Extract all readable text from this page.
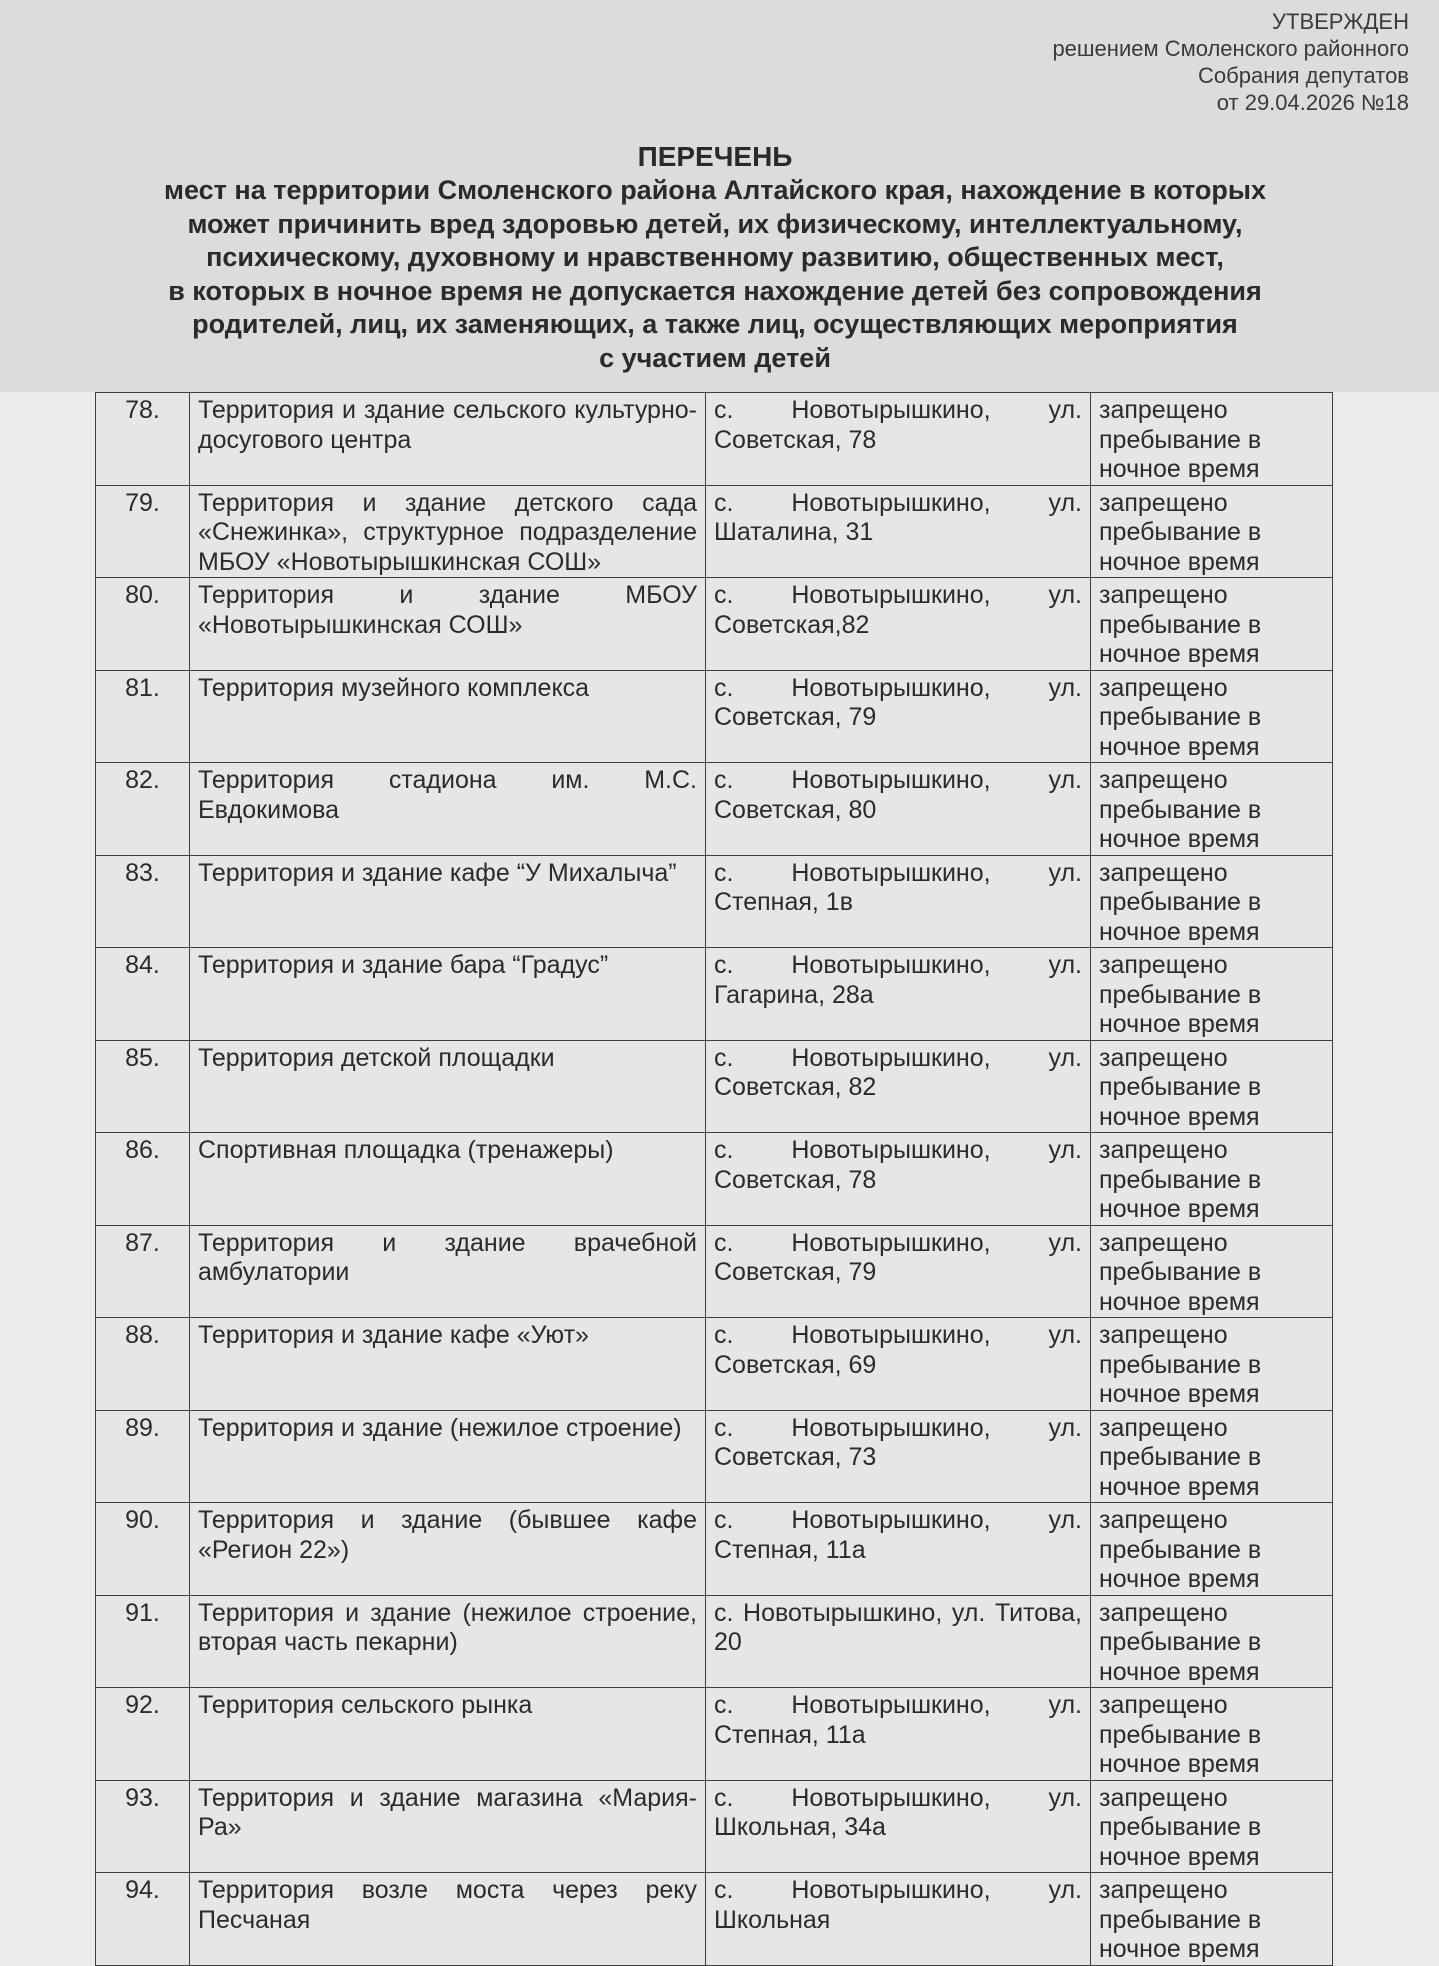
УТВЕРЖДЕН
решением Смоленского районного
Собрания депутатов
от 29.04.2026 №18
ПЕРЕЧЕНЬ
мест на территории Смоленского района Алтайского края, нахождение в которых
может причинить вред здоровью детей, их физическому, интеллектуальному,
психическому, духовному и нравственному развитию, общественных мест,
в которых в ночное время не допускается нахождение детей без сопровождения
родителей, лиц, их заменяющих, а также лиц, осуществляющих мероприятия
с участием детей
78.	Территория и здание сельского культурно-досугового центра	с. Новотырышкино, ул. Советская, 78	запрещено пребывание в ночное время
79.	Территория и здание детского сада «Снежинка», структурное подразделение МБОУ «Новотырышкинская СОШ»	с. Новотырышкино, ул. Шаталина, 31	запрещено пребывание в ночное время
80.	Территория и здание МБОУ «Новотырышкинская СОШ»	с. Новотырышкино, ул. Советская,82	запрещено пребывание в ночное время
81.	Территория музейного комплекса	с. Новотырышкино, ул. Советская, 79	запрещено пребывание в ночное время
82.	Территория стадиона им. М.С. Евдокимова	с. Новотырышкино, ул. Советская, 80	запрещено пребывание в ночное время
83.	Территория и здание кафе “У Михалыча”	с. Новотырышкино, ул. Степная, 1в	запрещено пребывание в ночное время
84.	Территория и здание бара “Градус”	с. Новотырышкино, ул. Гагарина, 28а	запрещено пребывание в ночное время
85.	Территория детской площадки	с. Новотырышкино, ул. Советская, 82	запрещено пребывание в ночное время
86.	Спортивная площадка (тренажеры)	с. Новотырышкино, ул. Советская, 78	запрещено пребывание в ночное время
87.	Территория и здание врачебной амбулатории	с. Новотырышкино, ул. Советская, 79	запрещено пребывание в ночное время
88.	Территория и здание кафе «Уют»	с. Новотырышкино, ул. Советская, 69	запрещено пребывание в ночное время
89.	Территория и здание (нежилое строение)	с. Новотырышкино, ул. Советская, 73	запрещено пребывание в ночное время
90.	Территория и здание (бывшее кафе «Регион 22»)	с. Новотырышкино, ул. Степная, 11а	запрещено пребывание в ночное время
91.	Территория и здание (нежилое строение, вторая часть пекарни)	с. Новотырышкино, ул. Титова, 20	запрещено пребывание в ночное время
92.	Территория сельского рынка	с. Новотырышкино, ул. Степная, 11а	запрещено пребывание в ночное время
93.	Территория и здание магазина «Мария-Ра»	с. Новотырышкино, ул. Школьная, 34а	запрещено пребывание в ночное время
94.	Территория возле моста через реку Песчаная	с. Новотырышкино, ул. Школьная	запрещено пребывание в ночное время
